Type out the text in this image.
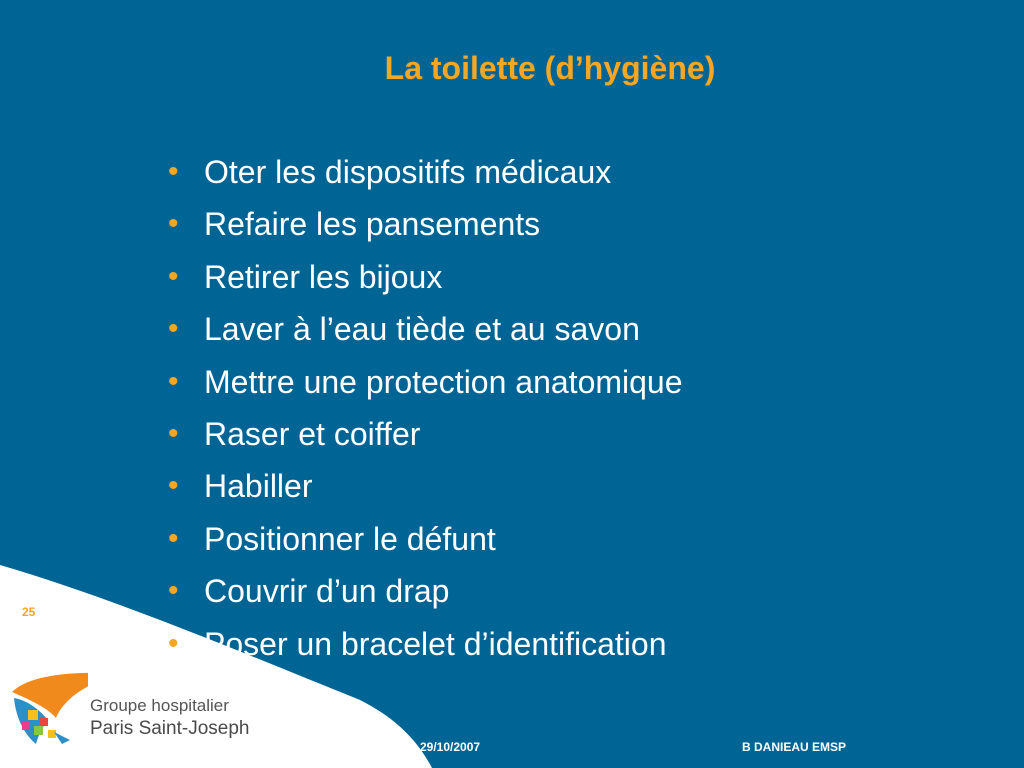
La toilette (d’hygiène)
• Oter les dispositifs médicaux
• Refaire les pansements
• Retirer les bijoux
• Laver à l’eau tiède et au savon
• Mettre une protection anatomique
• Raser et coiffer
• Habiller
• Positionner le défunt
• Couvrir d’un drap
• Poser un bracelet d’identification
25
Groupe hospitalier
Paris Saint-Joseph
29/10/2007	B DANIEAU EMSP
